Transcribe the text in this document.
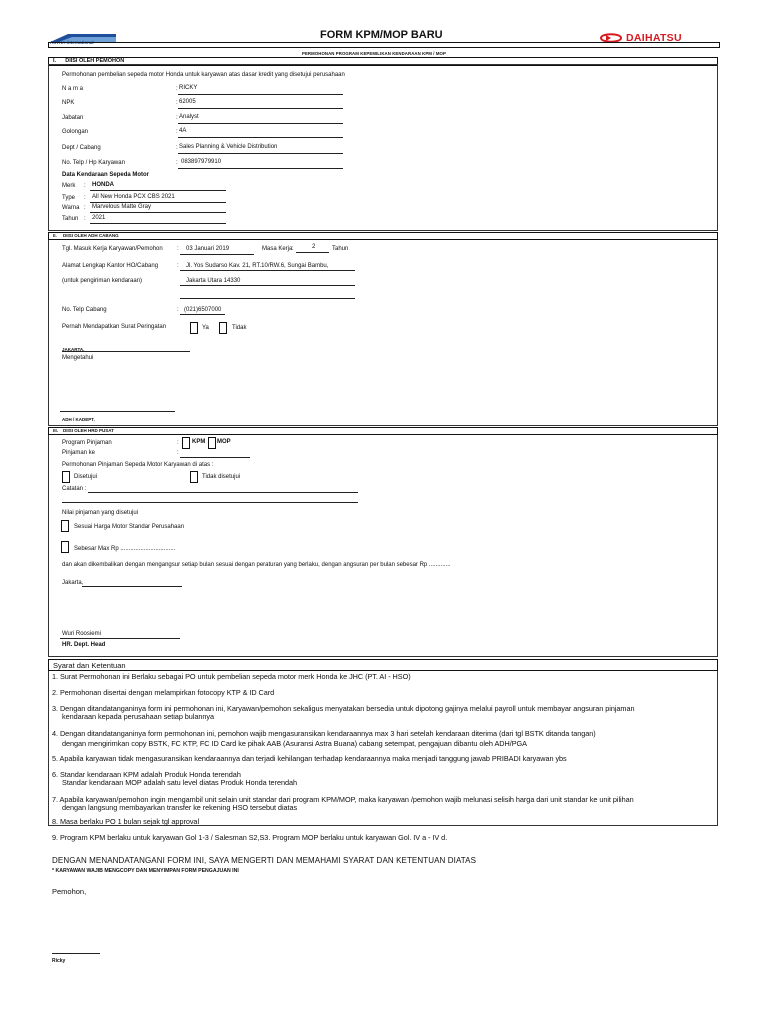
ASTRA international
FORM KPM/MOP BARU	DAIHATSU
PERMOHONAN PROGRAM KEPEMILIKAN KENDARAAN KPM / MOP
I.      DIISI OLEH PEMOHON
Permohonan pembelian sepeda motor Honda untuk karyawan atas dasar kredit yang disetujui perusahaan
N a m a	: RICKY
NPK	: 62005
Jabatan	: Analyst
Golongan	: 4A
Dept / Cabang	: Sales Planning & Vehicle Distribution
No. Telp / Hp Karyawan	: 083897979910
Data Kendaraan Sepeda Motor
Merk : HONDA
Type : All New Honda PCX CBS 2021
Warna : Marvelous Matte Gray
Tahun : 2021
II.     DIISI OLEH ADH CABANG
Tgl. Masuk Kerja Karyawan/Pemohon : 03 Januari 2019	Masa Kerja :	2	Tahun
Alamat Lengkap Kantor HO/Cabang	: Jl. Yos Sudarso Kav. 21, RT.10/RW.6, Sungai Bambu,
(untuk pengiriman kendaraan)	Jakarta Utara 14330
No. Telp Cabang	: (021)6507000
Pernah Mendapatkan Surat Peringatan	Ya	Tidak
JAKARTA,
Mengetahui
ADH / KADEPT.
III.    DIISI OLEH HRD PUSAT
Program Pinjaman	: KPM MOP
Pinjaman ke	:
Permohonan Pinjaman Sepeda Motor Karyawan di atas :
Disetujui	Tidak disetujui
Catatan :
Nilai pinjaman yang disetujui
Sesuai Harga Motor Standar Perusahaan
Sebesar Max Rp .................................
dan akan dikembalikan dengan mengangsur setiap bulan sesuai dengan peraturan yang berlaku, dengan angsuran per bulan sebesar Rp .............
Jakarta,
Wuri Roosiemi
HR. Dept. Head
Syarat dan Ketentuan
1. Surat Permohonan ini Berlaku sebagai PO untuk pembelian sepeda motor merk Honda ke JHC (PT. AI - HSO)
2. Permohonan disertai dengan melampirkan fotocopy KTP & ID Card
3. Dengan ditandatanganinya form ini permohonan ini, Karyawan/pemohon sekaligus menyatakan bersedia untuk dipotong gajinya melalui payroll untuk membayar angsuran pinjaman
kendaraan kepada perusahaan setiap bulannya
4. Dengan ditandatanganinya form permohonan ini, pemohon wajib mengasuransikan kendaraannya max 3 hari setelah kendaraan diterima (dari tgl BSTK ditanda tangan)
dengan mengirimkan copy BSTK, FC KTP, FC ID Card ke pihak AAB (Asuransi Astra Buana) cabang setempat, pengajuan dibantu oleh ADH/PGA
5. Apabila karyawan tidak mengasuransikan kendaraannya dan terjadi kehilangan terhadap kendaraannya maka menjadi tanggung jawab PRIBADI karyawan ybs
6. Standar kendaraan KPM adalah Produk Honda terendah
Standar kendaraan MOP adalah satu level diatas Produk Honda terendah
7. Apabila karyawan/pemohon ingin mengambil unit selain unit standar dari program KPM/MOP, maka karyawan /pemohon wajib melunasi selisih harga dari unit standar ke unit pilihan
dengan langsung membayarkan transfer ke rekening HSO tersebut diatas
8. Masa berlaku PO 1 bulan sejak tgl approval
9. Program KPM berlaku untuk karyawan Gol 1-3 / Salesman S2,S3. Program MOP berlaku untuk karyawan Gol. IV a - IV d.
DENGAN MENANDATANGANI FORM INI, SAYA MENGERTI DAN MEMAHAMI SYARAT DAN KETENTUAN DIATAS
* KARYAWAN WAJIB MENGCOPY DAN MENYIMPAN FORM PENGAJUAN INI
Pemohon,
Ricky
